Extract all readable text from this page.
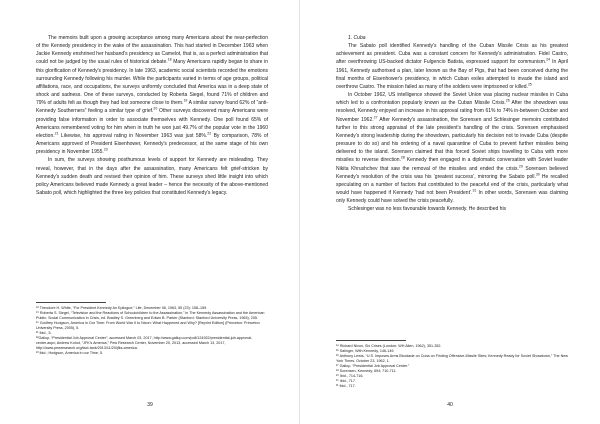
The memoirs built upon a growing acceptance among many Americans about the near-perfection of the Kennedy presidency in the wake of the assassination. This had started in December 1963 when Jackie Kennedy enshrined her husband's presidency as Camelot, that is, as a perfect administration that could not be judged by the usual rules of historical debate.$^{18}$ Many Americans rapidly began to share in this glorification of Kennedy's presidency. In late 1963, academic social scientists recorded the emotions surrounding Kennedy following his murder. While the participants varied in terms of age groups, political affiliations, race, and occupations, the surveys uniformly concluded that America was in a deep state of shock and sadness. One of these surveys, conducted by Roberta Siegel, found 71% of children and 79% of adults felt as though they had lost someone close to them.$^{19}$ A similar survey found 62% of “anti-Kennedy Southerners” feeling a similar type of grief.$^{20}$ Other surveys discovered many Americans were providing false information in order to associate themselves with Kennedy. One poll found 65% of Americans remembered voting for him when in truth he won just 49.7% of the popular vote in the 1960 election.$^{21}$ Likewise, his approval rating in November 1963 was just 58%.$^{22}$ By comparison, 78% of Americans approved of President Eisenhower, Kennedy's predecessor, at the same stage of his own presidency in November 1955.23

In sum, the surveys showing posthumous levels of support for Kennedy are misleading. They reveal, however, that in the days after the assassination, many Americans felt grief-stricken by Kennedy's sudden death and revised their opinion of him. These surveys shed little insight into which policy Americans believed made Kennedy a great leader – hence the necessity of the above-mentioned Sabato poll, which highlighted the three key policies that constituted Kennedy's legacy.

¹⁸ Theodore H. White, “For President Kennedy An Epilogue,” Life, December 06, 1963, 55 (23): 158–159.
¹⁹ Roberta S. Siegel, “Television and the Reactions of Schoolchildren to the Assassination,” in The Kennedy Assassination and the American Public: Social Communication in Crisis, ed. Bradley S. Greenberg and Edwin B. Parker (Stanford: Stanford University Press, 1965), 205.
²⁰ Godfrey Hodgson, America in Our Time: From World War II to Nixon: What Happened and Why? [Reprint Edition] (Princeton: Princeton University Press, 2005), 5.
²¹ Ibid., 5.
²²Gallup, “Presidential Job Approval Center”, accessed March 03, 2017, http://www.gallup.com/poll/124922/presidential-job-approval-center.aspx; Andrew Kohut, “JFK's America,” Pew Research Center, November 20, 2013, accessed March 13, 2017, http://www.pewresearch.org/fact-tank/2013/11/20/jfks-america.
²³ Ibid.; Hodgson, America in our Time, 5.
39

1. Cuba

The Sabato poll identified Kennedy's handling of the Cuban Missile Crisis as his greatest achievement as president. Cuba was a constant concern for Kennedy's administration. Fidel Castro, after overthrowing US-backed dictator Fulgencio Batista, expressed support for communism.$^{24}$ In April 1961, Kennedy authorised a plan, later known as the Bay of Pigs, that had been conceived during the final months of Eisenhower's presidency, in which Cuban exiles attempted to invade the island and overthrow Castro. The mission failed as many of the soldiers were imprisoned or killed.$^{25}$

In October 1962, US intelligence showed the Soviet Union was placing nuclear missiles in Cuba which led to a confrontation popularly known as the Cuban Missile Crisis.$^{26}$ After the showdown was resolved, Kennedy enjoyed an increase in his approval rating from 61% to 74% in-between October and November 1962.27 After Kennedy's assassination, the Sorensen and Schlesinger memoirs contributed further to this strong appraisal of the late president's handling of the crisis. Sorensen emphasised Kennedy's strong leadership during the showdown, particularly his decision not to invade Cuba (despite pressure to do so) and his ordering of a naval quarantine of Cuba to prevent further missiles being delivered to the island. Sorensen claimed that this forced Soviet ships travelling to Cuba with more missiles to reverse direction.$^{28}$ Kennedy then engaged in a diplomatic conversation with Soviet leader Nikita Khrushchev that saw the removal of the missiles and ended the crisis.$^{29}$ Sorensen believed Kennedy's resolution of the crisis was his ‘greatest success’, mirroring the Sabato poll.$^{30}$ He recalled speculating on a number of factors that contributed to the peaceful end of the crisis, particularly what would have happened if Kennedy ‘had not been President’.$^{31}$ In other words, Sorensen was claiming only Kennedy could have solved the crisis peacefully.

Schlesinger was no less favourable towards Kennedy. He described his

²⁴ Richard Nixon, Six Crises (London: WH Allen, 1962), 351-352.
²⁵ Salinger, With Kennedy, 146-149.
²⁶ Anthony Lewis, “U.S. Imposes Arms Blockade on Cuba on Finding Offensive-Missile Sites; Kennedy Ready for Soviet Showdown,” The New York Times, October 23, 1962, 1.
²⁷ Gallup, “Presidential Job Approval Center.”
²⁸ Sorensen, Kennedy, 694; 710-711.
²⁹ Ibid., 714-716.
³⁰ Ibid., 717.
³¹ Ibid., 717.
40
